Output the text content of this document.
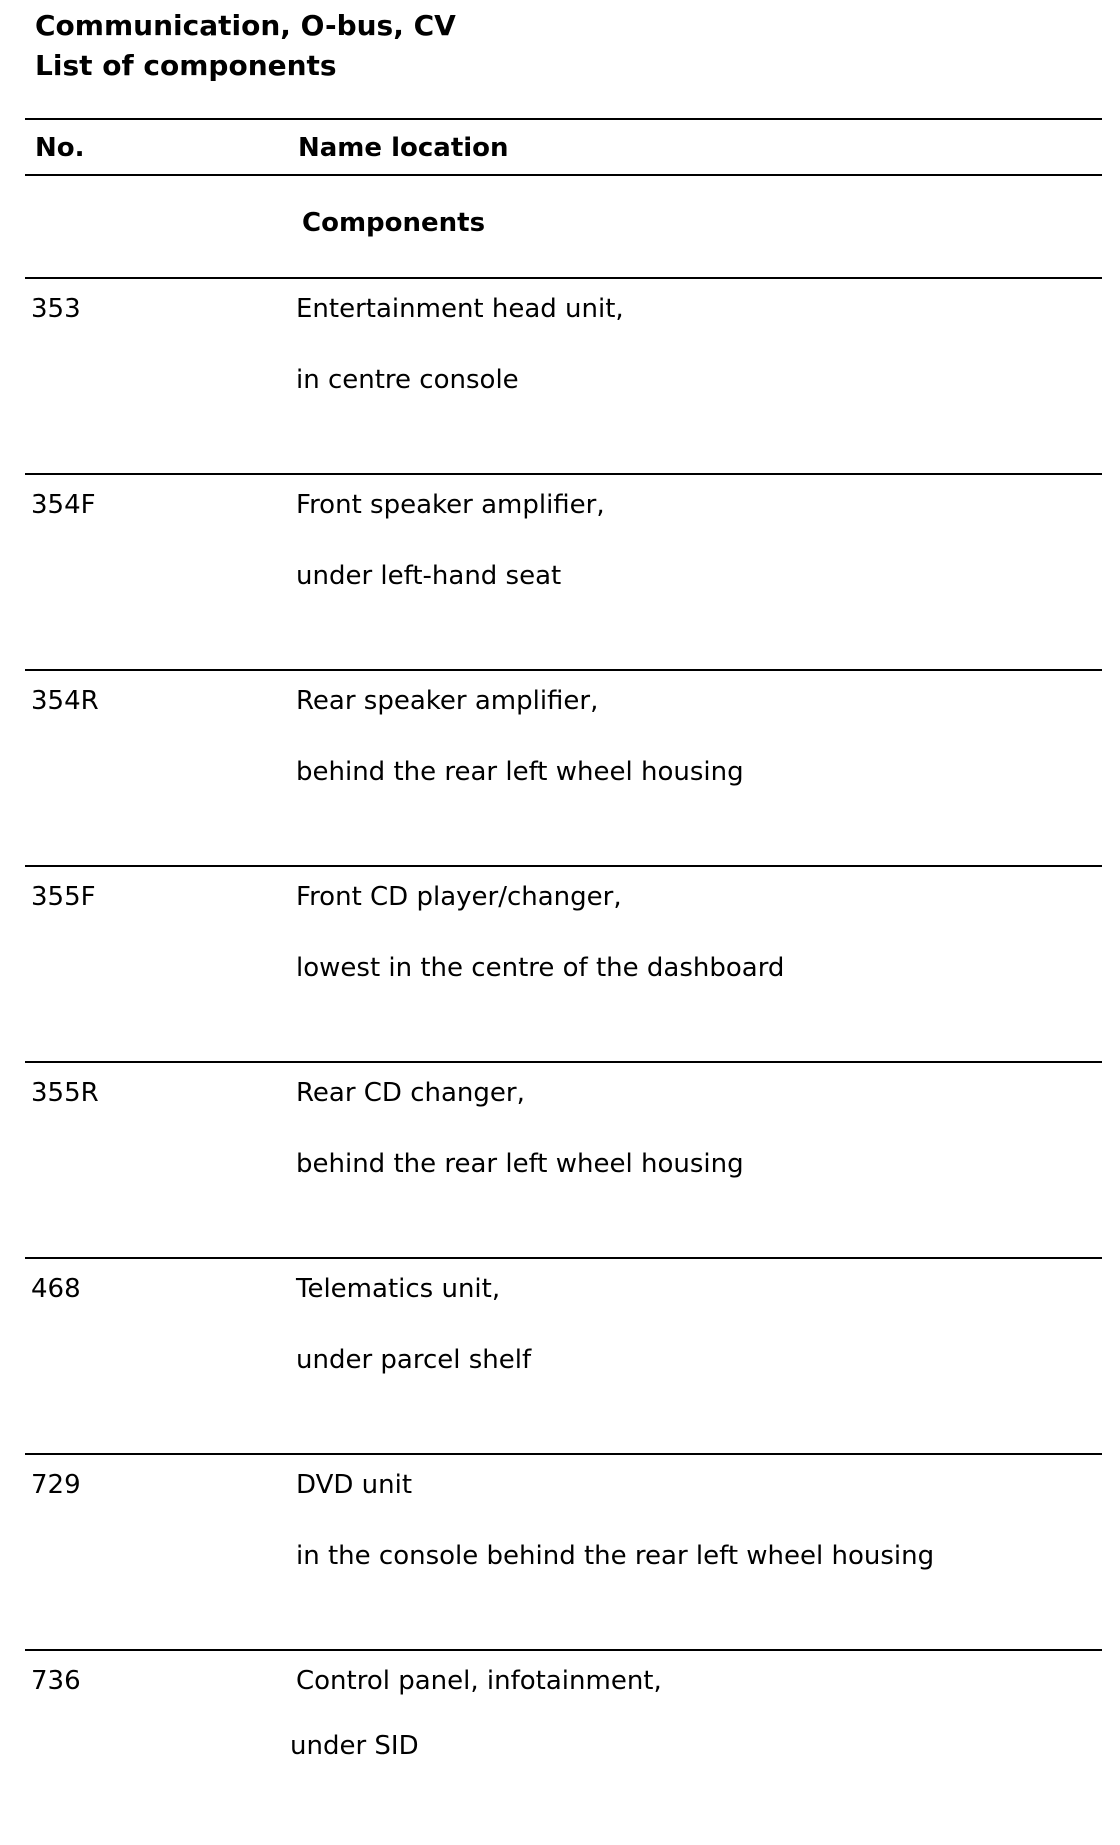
Communication, O-bus, CV
List of components
No.	Name location
Components
353	Entertainment head unit,
in centre console
354F	Front speaker amplifier,
under left-hand seat
354R	Rear speaker amplifier,
behind the rear left wheel housing
355F	Front CD player/changer,
lowest in the centre of the dashboard
355R	Rear CD changer,
behind the rear left wheel housing
468	Telematics unit,
under parcel shelf
729	DVD unit
in the console behind the rear left wheel housing
736	Control panel, infotainment,
under SID
